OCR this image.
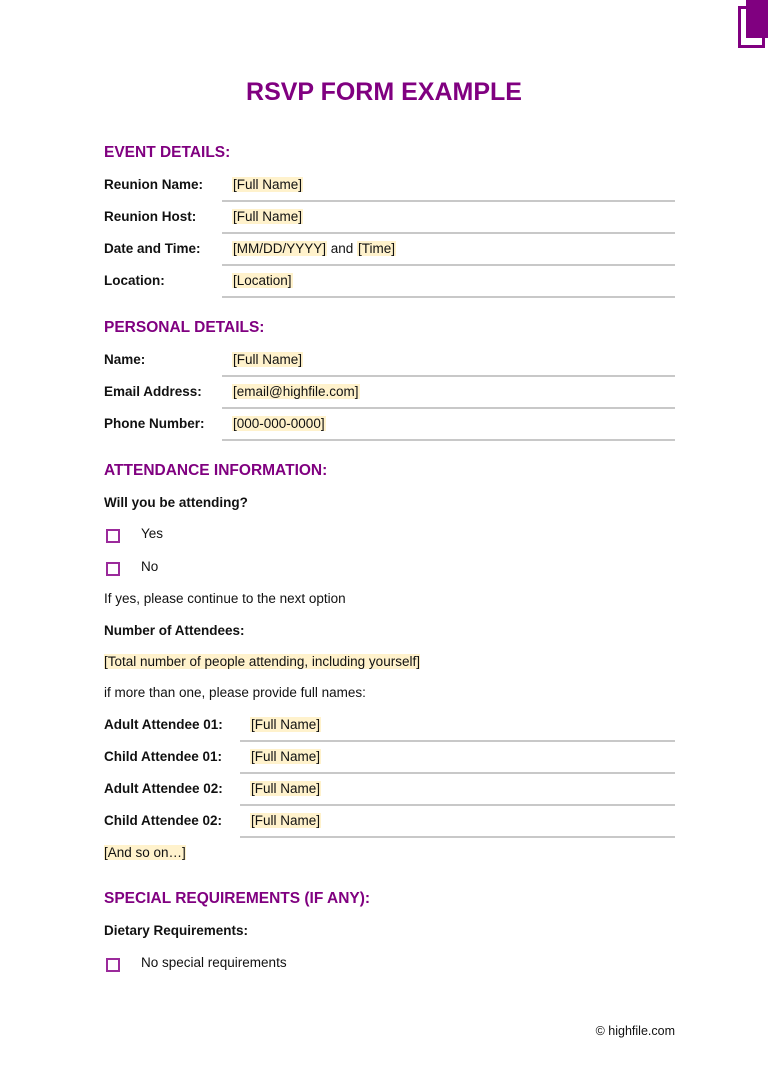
RSVP FORM EXAMPLE
EVENT DETAILS:
Reunion Name: [Full Name]
Reunion Host:	[Full Name]
Date and Time: [MM/DD/YYYY] and [Time]
Location:	[Location]
PERSONAL DETAILS:
Name:	[Full Name]
Email Address: [email@highfile.com]
Phone Number: [000-000-0000]
ATTENDANCE INFORMATION:
Will you be attending?
Yes
No
If yes, please continue to the next option
Number of Attendees:
[Total number of people attending, including yourself]
if more than one, please provide full names:
Adult Attendee 01: [Full Name]
Child Attendee 01: [Full Name]
Adult Attendee 02: [Full Name]
Child Attendee 02: [Full Name]
[And so on…]
SPECIAL REQUIREMENTS (IF ANY):
Dietary Requirements:
No special requirements
© highfile.com
